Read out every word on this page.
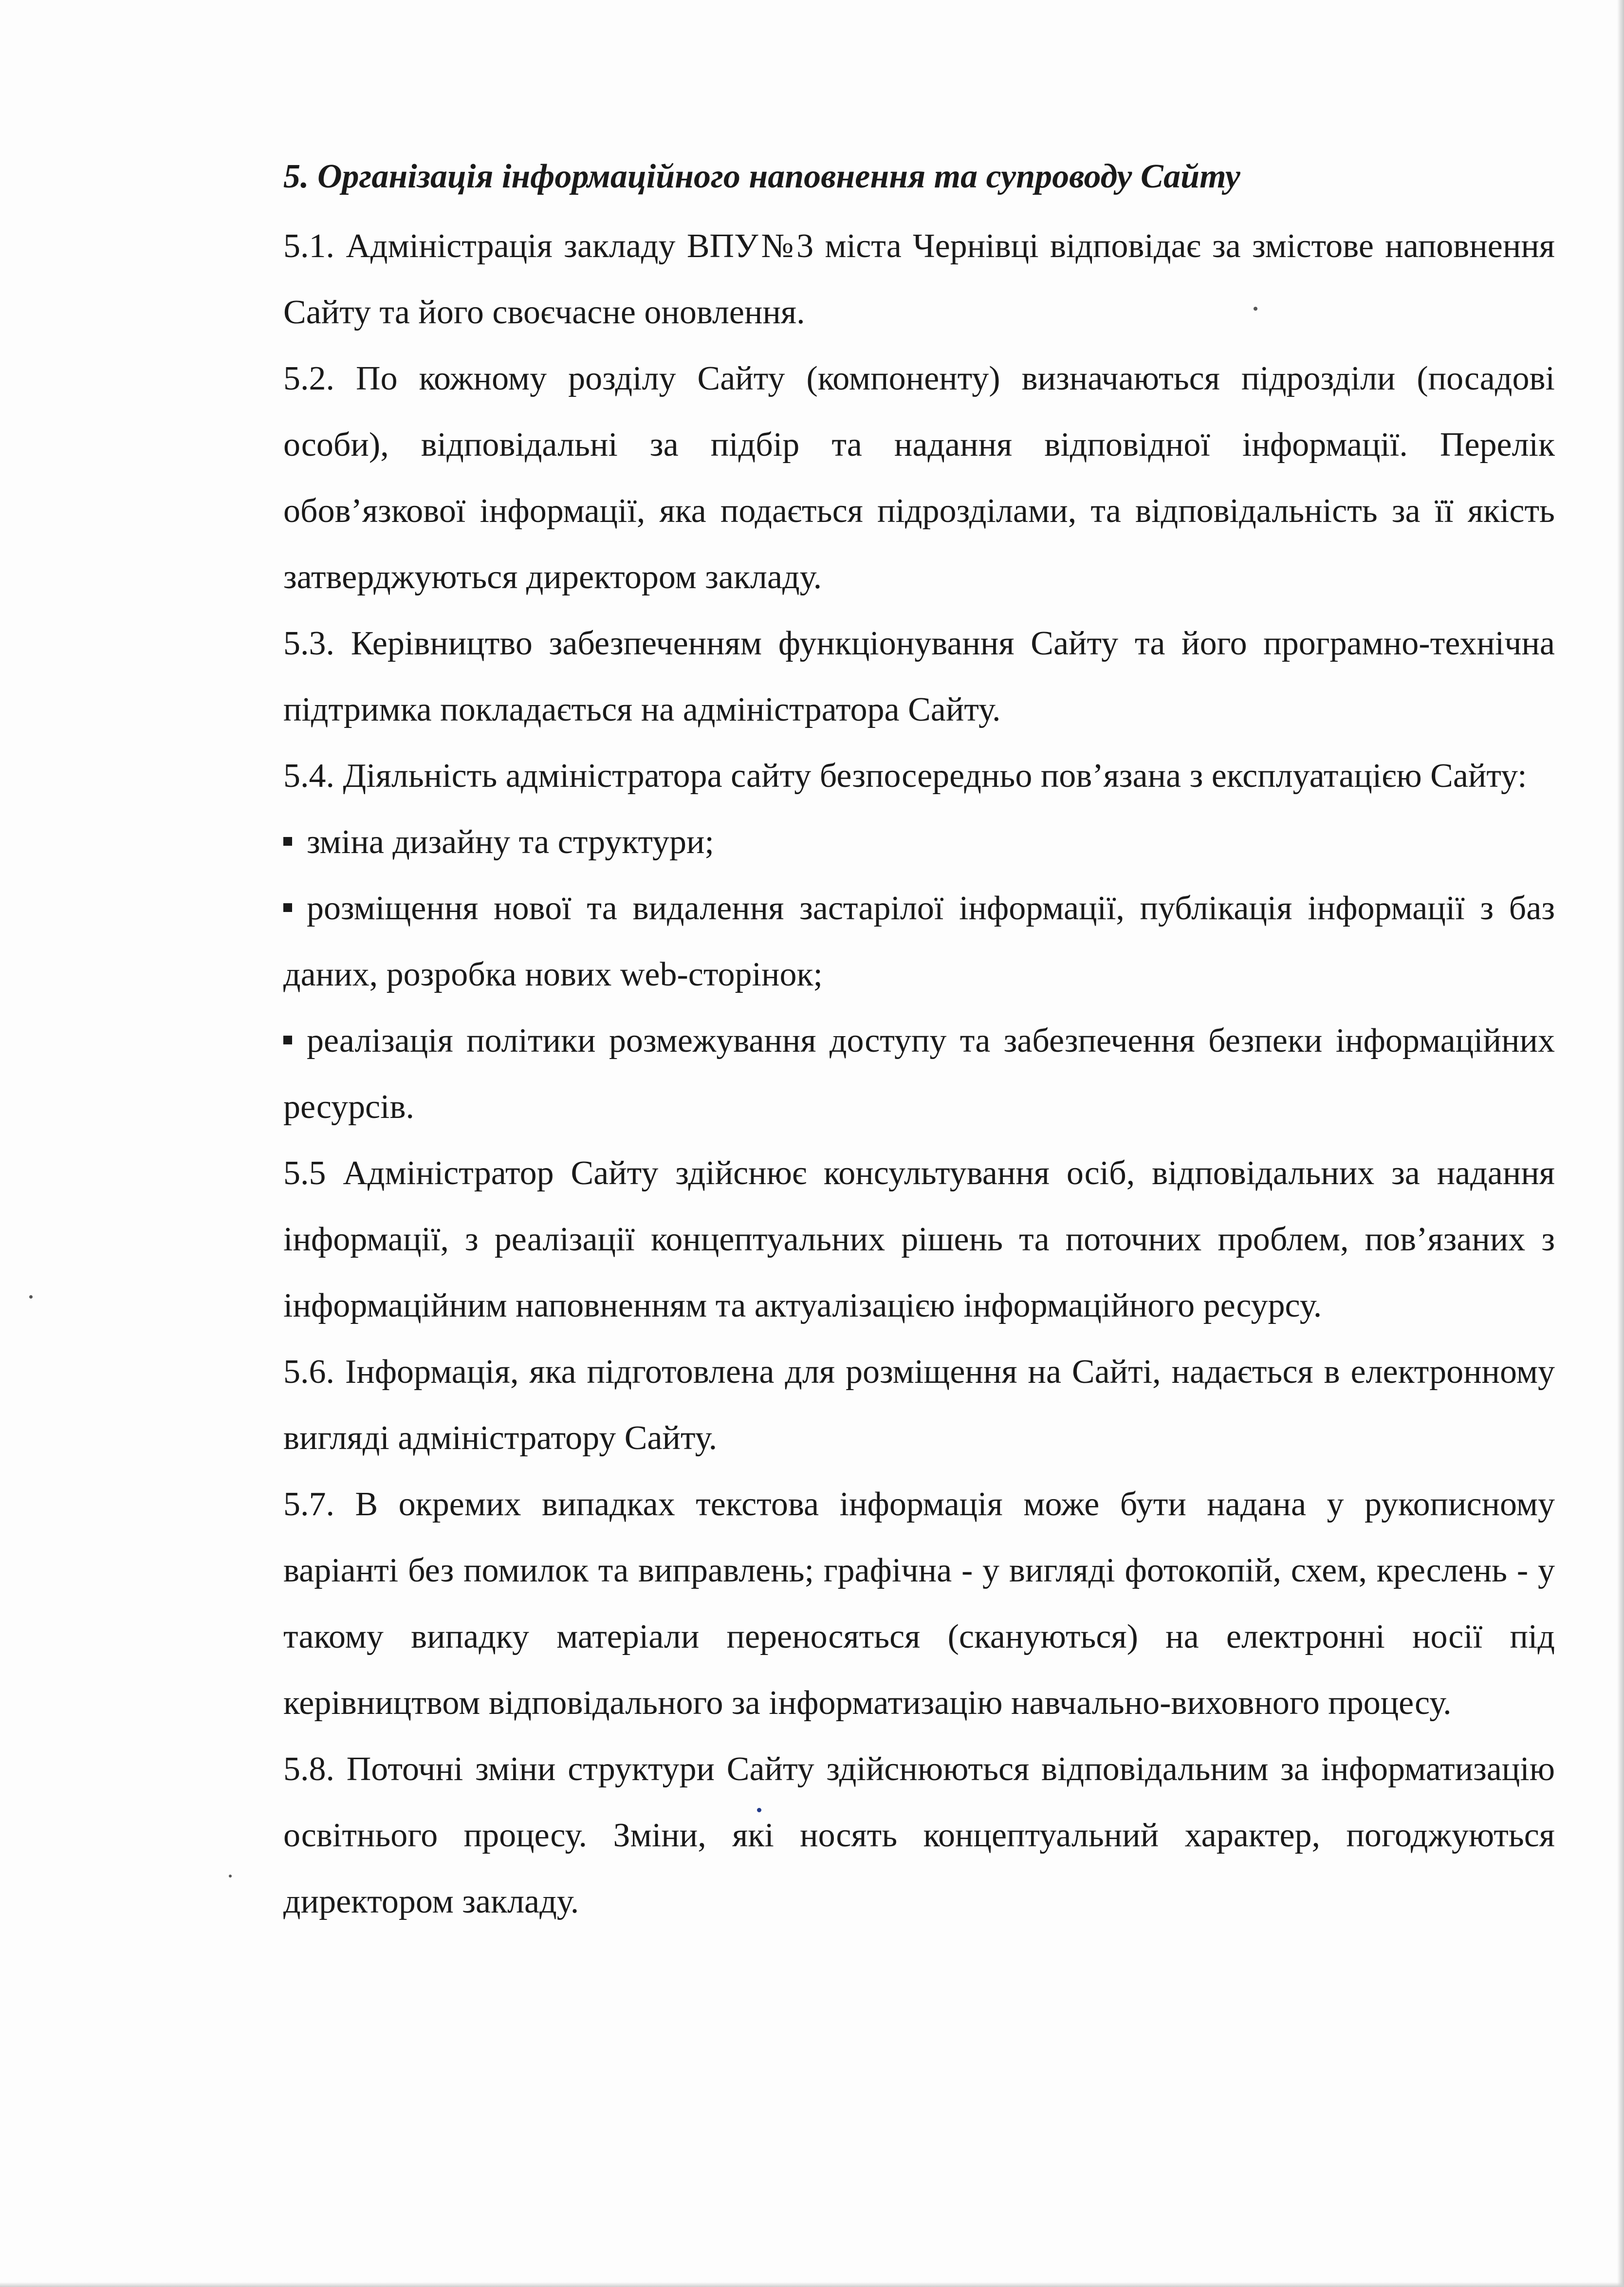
5. Організація інформаційного наповнення та супроводу Сайту

5.1. Адміністрація закладу ВПУ№3 міста Чернівці відповідає за змістове наповнення Сайту та його своєчасне оновлення.

5.2. По кожному розділу Сайту (компоненту) визначаються підрозділи (посадові особи), відповідальні за підбір та надання відповідної інформації. Перелік обов’язкової інформації, яка подається підрозділами, та відповідальність за її якість затверджуються директором закладу.

5.3. Керівництво забезпеченням функціонування Сайту та його програмно-технічна підтримка покладається на адміністратора Сайту.

5.4. Діяльність адміністратора сайту безпосередньо пов’язана з експлуатацією Сайту:

зміна дизайну та структури;

розміщення нової та видалення застарілої інформації, публікація інформації з баз даних, розробка нових web-сторінок;

реалізація політики розмежування доступу та забезпечення безпеки інформаційних ресурсів.

5.5 Адміністратор Сайту здійснює консультування осіб, відповідальних за надання інформації, з реалізації концептуальних рішень та поточних проблем, пов’язаних з інформаційним наповненням та актуалізацією інформаційного ресурсу.

5.6. Інформація, яка підготовлена для розміщення на Сайті, надається в електронному вигляді адміністратору Сайту.

5.7. В окремих випадках текстова інформація може бути надана у рукописному варіанті без помилок та виправлень; графічна - у вигляді фотокопій, схем, креслень - у такому випадку матеріали переносяться (скануються) на електронні носії під керівництвом відповідального за інформатизацію навчально-виховного процесу.

5.8. Поточні зміни структури Сайту здійснюються відповідальним за інформатизацію освітнього процесу. Зміни, які носять концептуальний характер, погоджуються директором закладу.
